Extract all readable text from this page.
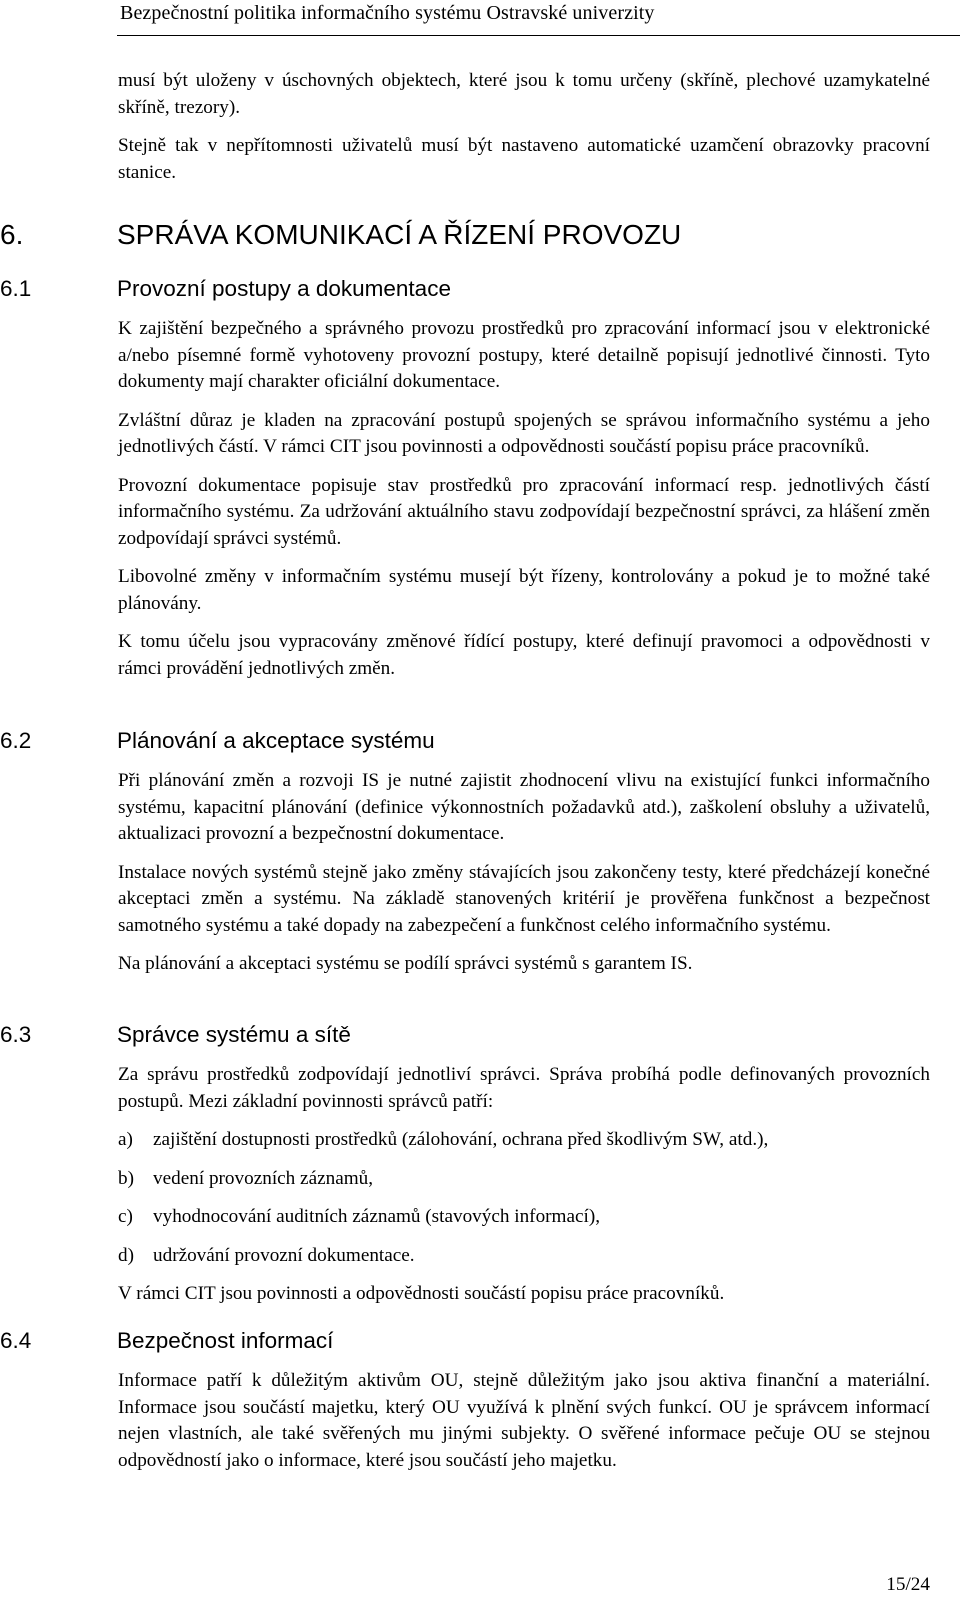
Bezpečnostní politika informačního systému Ostravské univerzity

musí být uloženy v úschovných objektech, které jsou k tomu určeny (skříně, plechové uzamykatelné skříně, trezory).

Stejně tak v nepřítomnosti uživatelů musí být nastaveno automatické uzamčení obrazovky pracovní stanice.

6.	SPRÁVA KOMUNIKACÍ A ŘÍZENÍ PROVOZU
6.1	Provozní postupy a dokumentace

K zajištění bezpečného a správného provozu prostředků pro zpracování informací jsou v elektronické a/nebo písemné formě vyhotoveny provozní postupy, které detailně popisují jednotlivé činnosti. Tyto dokumenty mají charakter oficiální dokumentace.

Zvláštní důraz je kladen na zpracování postupů spojených se správou informačního systému a jeho jednotlivých částí. V rámci CIT jsou povinnosti a odpovědnosti součástí popisu práce pracovníků.

Provozní dokumentace popisuje stav prostředků pro zpracování informací resp. jednotlivých částí informačního systému. Za udržování aktuálního stavu zodpovídají bezpečnostní správci, za hlášení změn zodpovídají správci systémů.

Libovolné změny v informačním systému musejí být řízeny, kontrolovány a pokud je to možné také plánovány.

K tomu účelu jsou vypracovány změnové řídící postupy, které definují pravomoci a odpovědnosti v rámci provádění jednotlivých změn.

6.2	Plánování a akceptace systému

Při plánování změn a rozvoji IS je nutné zajistit zhodnocení vlivu na existující funkci informačního systému, kapacitní plánování (definice výkonnostních požadavků atd.), zaškolení obsluhy a uživatelů, aktualizaci provozní a bezpečnostní dokumentace.

Instalace nových systémů stejně jako změny stávajících jsou zakončeny testy, které předcházejí konečné akceptaci změn a systému. Na základě stanovených kritérií je prověřena funkčnost a bezpečnost samotného systému a také dopady na zabezpečení a funkčnost celého informačního systému.

Na plánování a akceptaci systému se podílí správci systémů s garantem IS.

6.3	Správce systému a sítě

Za správu prostředků zodpovídají jednotliví správci. Správa probíhá podle definovaných provozních postupů. Mezi základní povinnosti správců patří:

a)	zajištění dostupnosti prostředků (zálohování, ochrana před škodlivým SW, atd.),
b) vedení provozních záznamů,
c)	vyhodnocování auditních záznamů (stavových informací),
d) udržování provozní dokumentace.

V rámci CIT jsou povinnosti a odpovědnosti součástí popisu práce pracovníků.

6.4	Bezpečnost informací

Informace patří k důležitým aktivům OU, stejně důležitým jako jsou aktiva finanční a materiální. Informace jsou součástí majetku, který OU využívá k plnění svých funkcí. OU je správcem informací nejen vlastních, ale také svěřených mu jinými subjekty. O svěřené informace pečuje OU se stejnou odpovědností jako o informace, které jsou součástí jeho majetku.

15/24
